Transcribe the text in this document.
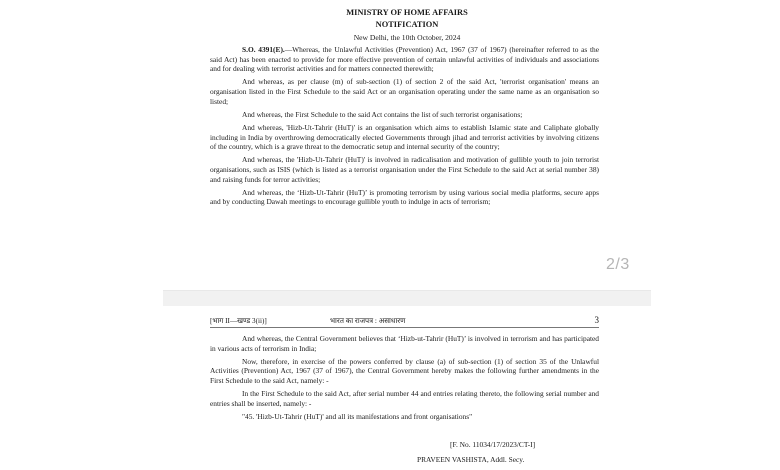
MINISTRY OF HOME AFFAIRS
NOTIFICATION
New Delhi, the 10th October, 2024

S.O. 4391(E).—Whereas, the Unlawful Activities (Prevention) Act, 1967 (37 of 1967) (hereinafter referred to as the said Act) has been enacted to provide for more effective prevention of certain unlawful activities of individuals and associations and for dealing with terrorist activities and for matters connected therewith;

And whereas, as per clause (m) of sub-section (1) of section 2 of the said Act, 'terrorist organisation' means an organisation listed in the First Schedule to the said Act or an organisation operating under the same name as an organisation so listed;

And whereas, the First Schedule to the said Act contains the list of such terrorist organisations;

And whereas, 'Hizb-Ut-Tahrir (HuT)' is an organisation which aims to establish Islamic state and Caliphate globally including in India by overthrowing democratically elected Governments through jihad and terrorist activities by involving citizens of the country, which is a grave threat to the democratic setup and internal security of the country;

And whereas, the 'Hizb-Ut-Tahrir (HuT)' is involved in radicalisation and motivation of gullible youth to join terrorist organisations, such as ISIS (which is listed as a terrorist organisation under the First Schedule to the said Act at serial number 38) and raising funds for terror activities;

And whereas, the ‘Hizb-Ut-Tahrir (HuT)’ is promoting terrorism by using various social media platforms, secure apps and by conducting Dawah meetings to encourage gullible youth to indulge in acts of terrorism;

2/3
[भाग II—खण्ड 3(ii)]	भारत का राजपत्र : असाधारण	3

And whereas, the Central Government believes that ‘Hizb-ut-Tahrir (HuT)’ is involved in terrorism and has participated in various acts of terrorism in India;

Now, therefore, in exercise of the powers conferred by clause (a) of sub-section (1) of section 35 of the Unlawful Activities (Prevention) Act, 1967 (37 of 1967), the Central Government hereby makes the following further amendments in the First Schedule to the said Act, namely: -

In the First Schedule to the said Act, after serial number 44 and entries relating thereto, the following serial number and entries shall be inserted, namely: -

"45. 'Hizb-Ut-Tahrir (HuT)' and all its manifestations and front organisations"

[F. No. 11034/17/2023/CT-I]
PRAVEEN VASHISTA, Addl. Secy.
